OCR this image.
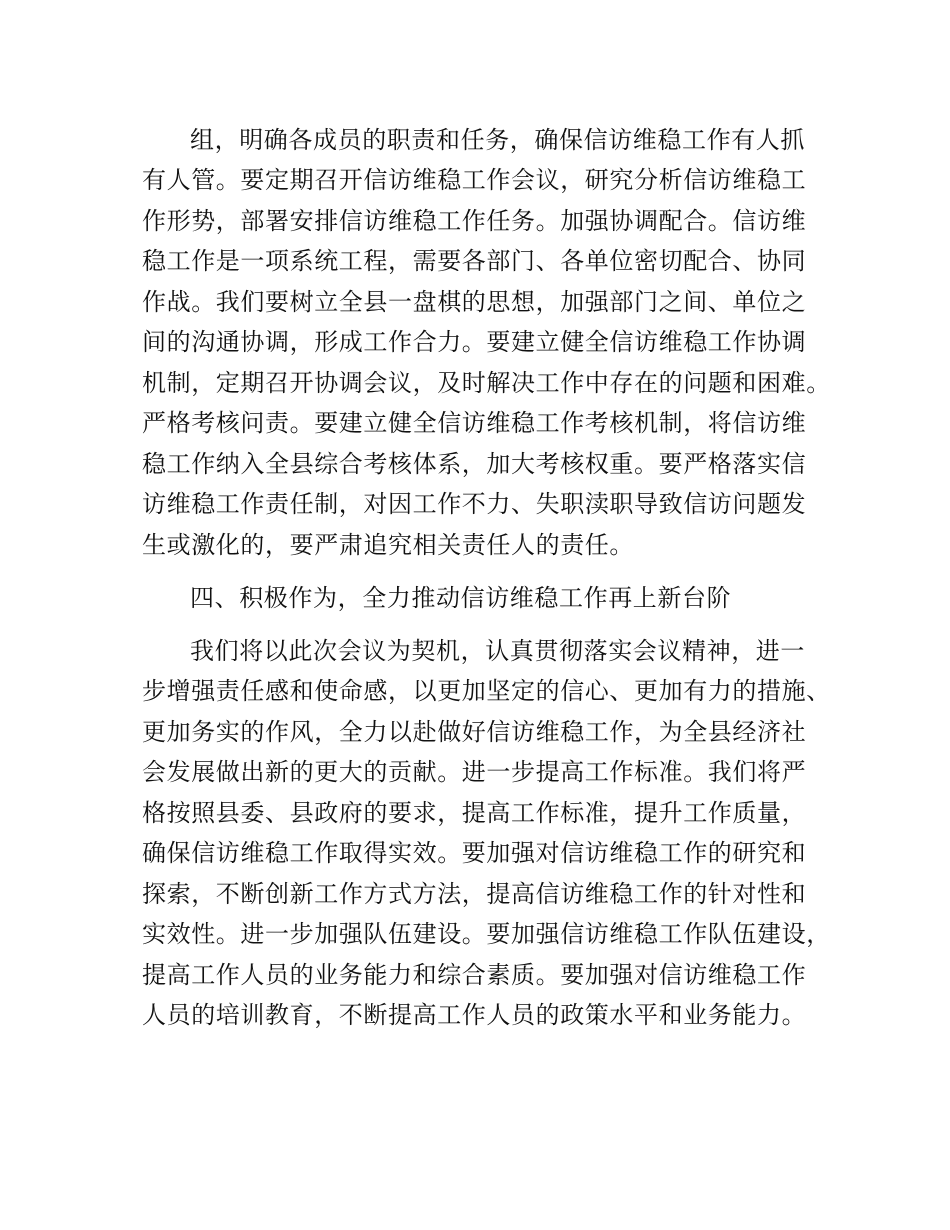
组，明确各成员的职责和任务，确保信访维稳工作有人抓
有人管。要定期召开信访维稳工作会议，研究分析信访维稳工
作形势，部署安排信访维稳工作任务。加强协调配合。信访维
稳工作是一项系统工程，需要各部门、各单位密切配合、协同
作战。我们要树立全县一盘棋的思想，加强部门之间、单位之
间的沟通协调，形成工作合力。要建立健全信访维稳工作协调
机制，定期召开协调会议，及时解决工作中存在的问题和困难。
严格考核问责。要建立健全信访维稳工作考核机制，将信访维
稳工作纳入全县综合考核体系，加大考核权重。要严格落实信
访维稳工作责任制，对因工作不力、失职渎职导致信访问题发
生或激化的，要严肃追究相关责任人的责任。
四、积极作为，全力推动信访维稳工作再上新台阶
我们将以此次会议为契机，认真贯彻落实会议精神，进一
步增强责任感和使命感，以更加坚定的信心、更加有力的措施、
更加务实的作风，全力以赴做好信访维稳工作，为全县经济社
会发展做出新的更大的贡献。进一步提高工作标准。我们将严
格按照县委、县政府的要求，提高工作标准，提升工作质量，
确保信访维稳工作取得实效。要加强对信访维稳工作的研究和
探索，不断创新工作方式方法，提高信访维稳工作的针对性和
实效性。进一步加强队伍建设。要加强信访维稳工作队伍建设，
提高工作人员的业务能力和综合素质。要加强对信访维稳工作
人员的培训教育，不断提高工作人员的政策水平和业务能力。
